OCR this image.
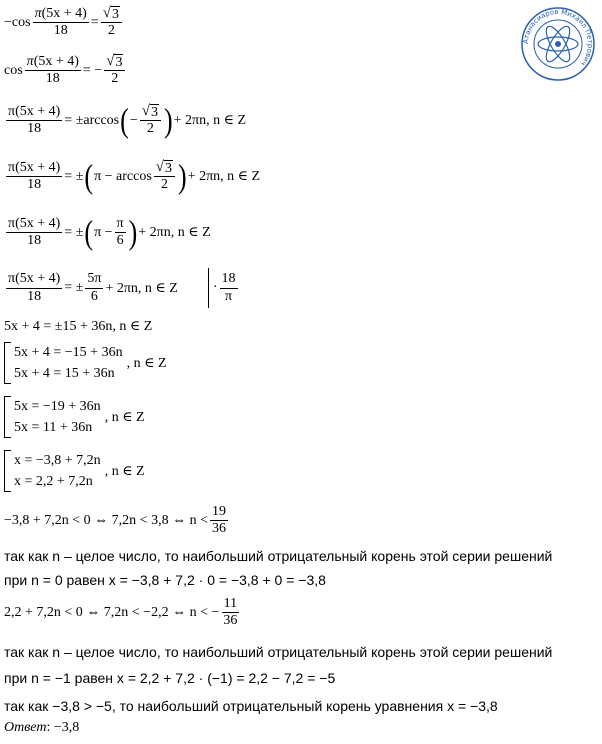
Атанасиаров Михаил Петрович
$-\cos \frac{\pi(5x + 4)}{18} = \frac{√ 3}{2}$
$\cos \frac{\pi(5x + 4)}{18}$ = − $\frac{√ 3}{2}$
$\frac{\pi(5x + 4)}{18} = \pm\arccos$ ( − $\frac{√ 3}{2}$ ) + 2πn, n ∈ Z
$\frac{\pi(5x + 4)}{18}$ = ± ( $\pi - \arccos \frac{√ 3}{2}$ ) + 2πn, n ∈ Z
$\frac{\pi(5x + 4)}{18}$ = ± ( $\pi - \frac{\pi}{6}$ ) + 2πn, n ∈ Z
$\frac{\pi(5x + 4)}{18}$ = ± $\frac{5\pi}{6} + 2\pi n$, n ∈ Z	· $\frac{18}{\pi}$
5x + 4 = ±15 + 36n, n ∈ Z
5x + 4 = −15 + 36n
5x + 4 = 15 + 36n
, n ∈ Z
5x = −19 + 36n
5x = 11 + 36n
, n ∈ Z
x = −3,8 + 7,2n
x = 2,2 + 7,2n
, n ∈ Z
−3,8 + 7,2n < 0 ⇔ 7,2n < 3,8 ⇔ $n < \frac{19}{36}$
так как n – целое число, то наибольший отрицательный корень этой серии решений
при n = 0 равен x = −3,8 + 7,2 · 0 = −3,8 + 0 = −3,8
2,2 + 7,2n < 0 ⇔ 7,2n < −2,2 ⇔ n < − $\frac{11}{36}$
так как n – целое число, то наибольший отрицательный корень этой серии решений
при n = −1 равен x = 2,2 + 7,2 · (−1) = 2,2 − 7,2 = −5
так как −3,8 > −5, то наибольший отрицательный корень уравнения x = −3,8
Ответ : −3,8
